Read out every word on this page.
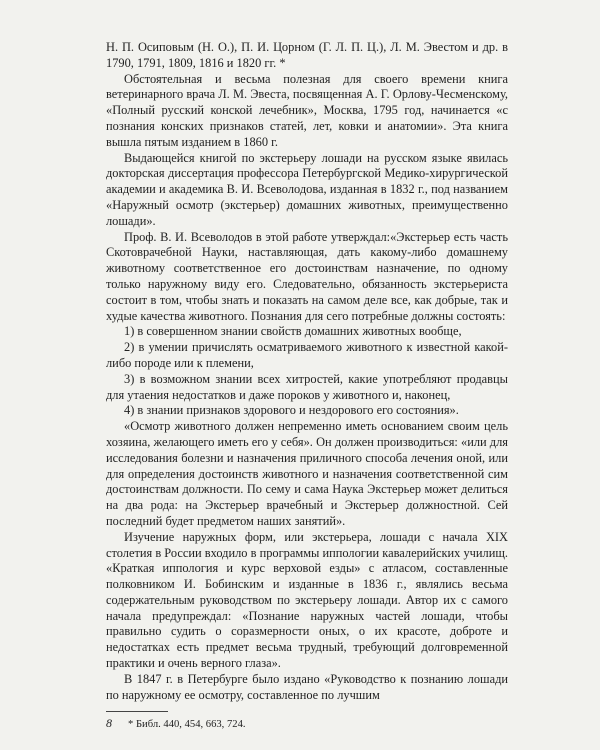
Н. П. Осиповым (Н. О.), П. И. Цорном (Г. Л. П. Ц.), Л. М. Эвестом и др. в 1790, 1791, 1809, 1816 и 1820 гг. *

Обстоятельная и весьма полезная для своего времени книга ветеринарного врача Л. М. Эвеста, посвященная А. Г. Орлову-Чесменскому, «Полный русский конской лечебник», Москва, 1795 год, начинается «с познания конских признаков статей, лет, ковки и анатомии». Эта книга вышла пятым изданием в 1860 г.

Выдающейся книгой по экстерьеру лошади на русском языке явилась докторская диссертация профессора Петербургской Медико-хирургической академии и академика В. И. Всеволодова, изданная в 1832 г., под названием «Наружный осмотр (экстерьер) домашних животных, преимущественно лошади».

Проф. В. И. Всеволодов в этой работе утверждал:«Экстерьер есть часть Скотоврачебной Науки, наставляющая, дать какому-либо домашнему животному соответственное его достоинствам назначение, по одному только наружному виду его. Следовательно, обязанность экстерьериста состоит в том, чтобы знать и показать на самом деле все, как добрые, так и худые качества животного. Познания для сего потребные должны состоять:

1) в совершенном знании свойств домашних животных вообще,

2) в умении причислять осматриваемого животного к известной какой-либо породе или к племени,

3) в возможном знании всех хитростей, какие употребляют продавцы для утаения недостатков и даже пороков у животного и, наконец,

4) в знании признаков здорового и нездорового его состояния».

«Осмотр животного должен непременно иметь основанием своим цель хозяина, желающего иметь его у себя». Он должен производиться: «или для исследования болезни и назначения приличного способа лечения оной, или для определения достоинств животного и назначения соответственной сим достоинствам должности. По сему и сама Наука Экстерьер может делиться на два рода: на Экстерьер врачебный и Экстерьер должностной. Сей последний будет предметом наших занятий».

Изучение наружных форм, или экстерьера, лошади с начала XIX столетия в России входило в программы иппологии кавалерийских училищ. «Краткая иппология и курс верховой езды» с атласом, составленные полковником И. Бобинским и изданные в 1836 г., являлись весьма содержательным руководством по экстерьеру лошади. Автор их с самого начала предупреждал: «Познание наружных частей лошади, чтобы правильно судить о соразмерности оных, о их красоте, доброте и недостатках есть предмет весьма трудный, требующий долговременной практики и очень верного глаза».

В 1847 г. в Петербурге было издано «Руководство к познанию лошади по наружному ее осмотру, составленное по лучшим

* Библ. 440, 454, 663, 724.
8
